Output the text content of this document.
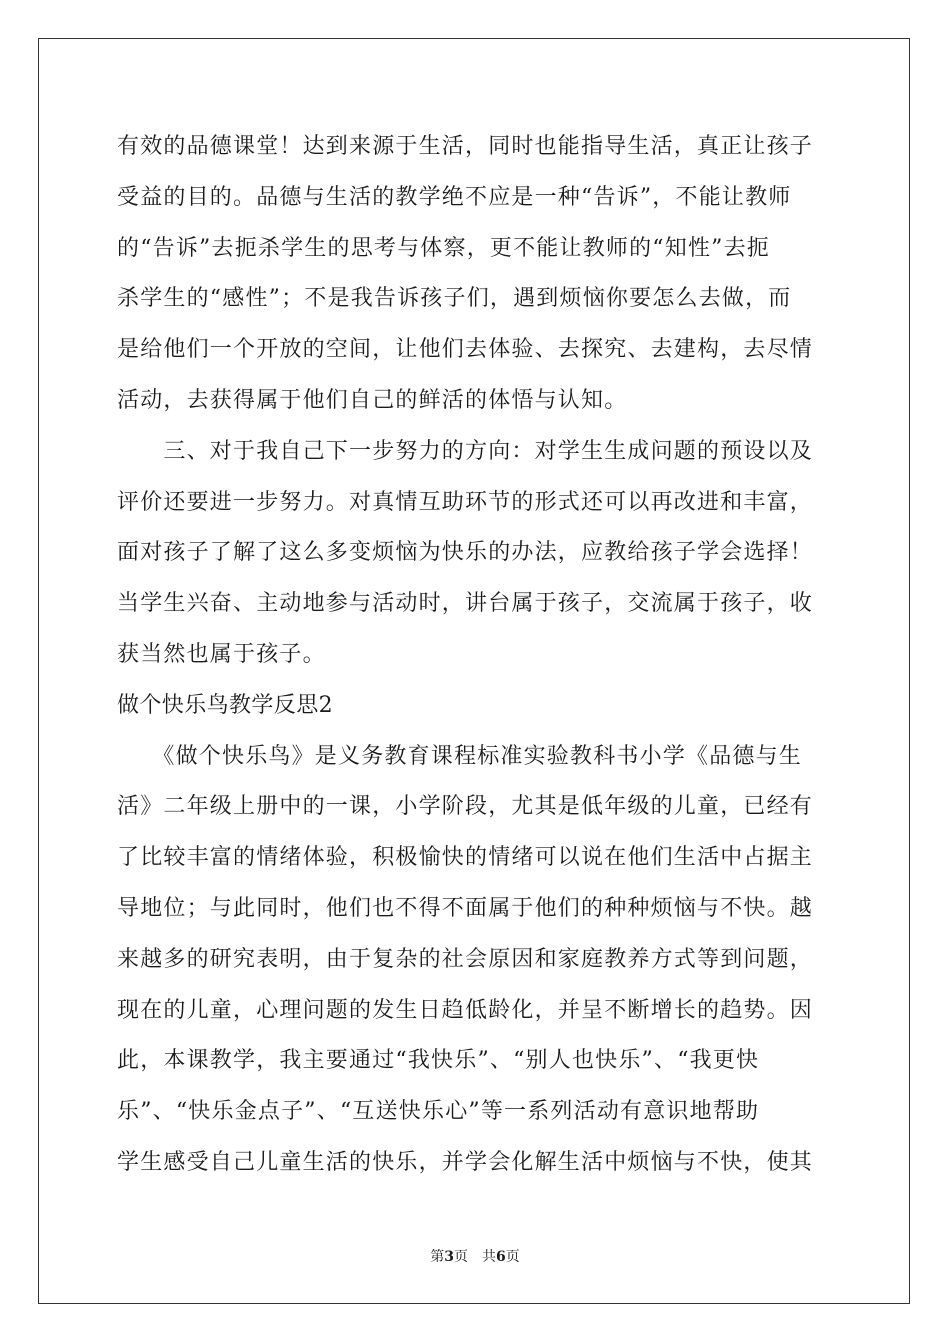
有效的品德课堂！达到来源于生活，同时也能指导生活，真正让孩子
受益的目的。品德与生活的教学绝不应是一种“告诉”，不能让教师
的“告诉”去扼杀学生的思考与体察，更不能让教师的“知性”去扼
杀学生的“感性”；不是我告诉孩子们，遇到烦恼你要怎么去做，而
是给他们一个开放的空间，让他们去体验、去探究、去建构，去尽情
活动，去获得属于他们自己的鲜活的体悟与认知。
　　三、对于我自己下一步努力的方向：对学生生成问题的预设以及
评价还要进一步努力。对真情互助环节的形式还可以再改进和丰富，
面对孩子了解了这么多变烦恼为快乐的办法，应教给孩子学会选择！
当学生兴奋、主动地参与活动时，讲台属于孩子，交流属于孩子，收
获当然也属于孩子。
做个快乐鸟教学反思2
　　《做个快乐鸟》是义务教育课程标准实验教科书小学《品德与生
活》二年级上册中的一课，小学阶段，尤其是低年级的儿童，已经有
了比较丰富的情绪体验，积极愉快的情绪可以说在他们生活中占据主
导地位；与此同时，他们也不得不面属于他们的种种烦恼与不快。越
来越多的研究表明，由于复杂的社会原因和家庭教养方式等到问题，
现在的儿童，心理问题的发生日趋低龄化，并呈不断增长的趋势。因
此，本课教学，我主要通过“我快乐”、“别人也快乐”、“我更快
乐”、“快乐金点子”、“互送快乐心”等一系列活动有意识地帮助
学生感受自己儿童生活的快乐，并学会化解生活中烦恼与不快，使其
第3页 共6页
